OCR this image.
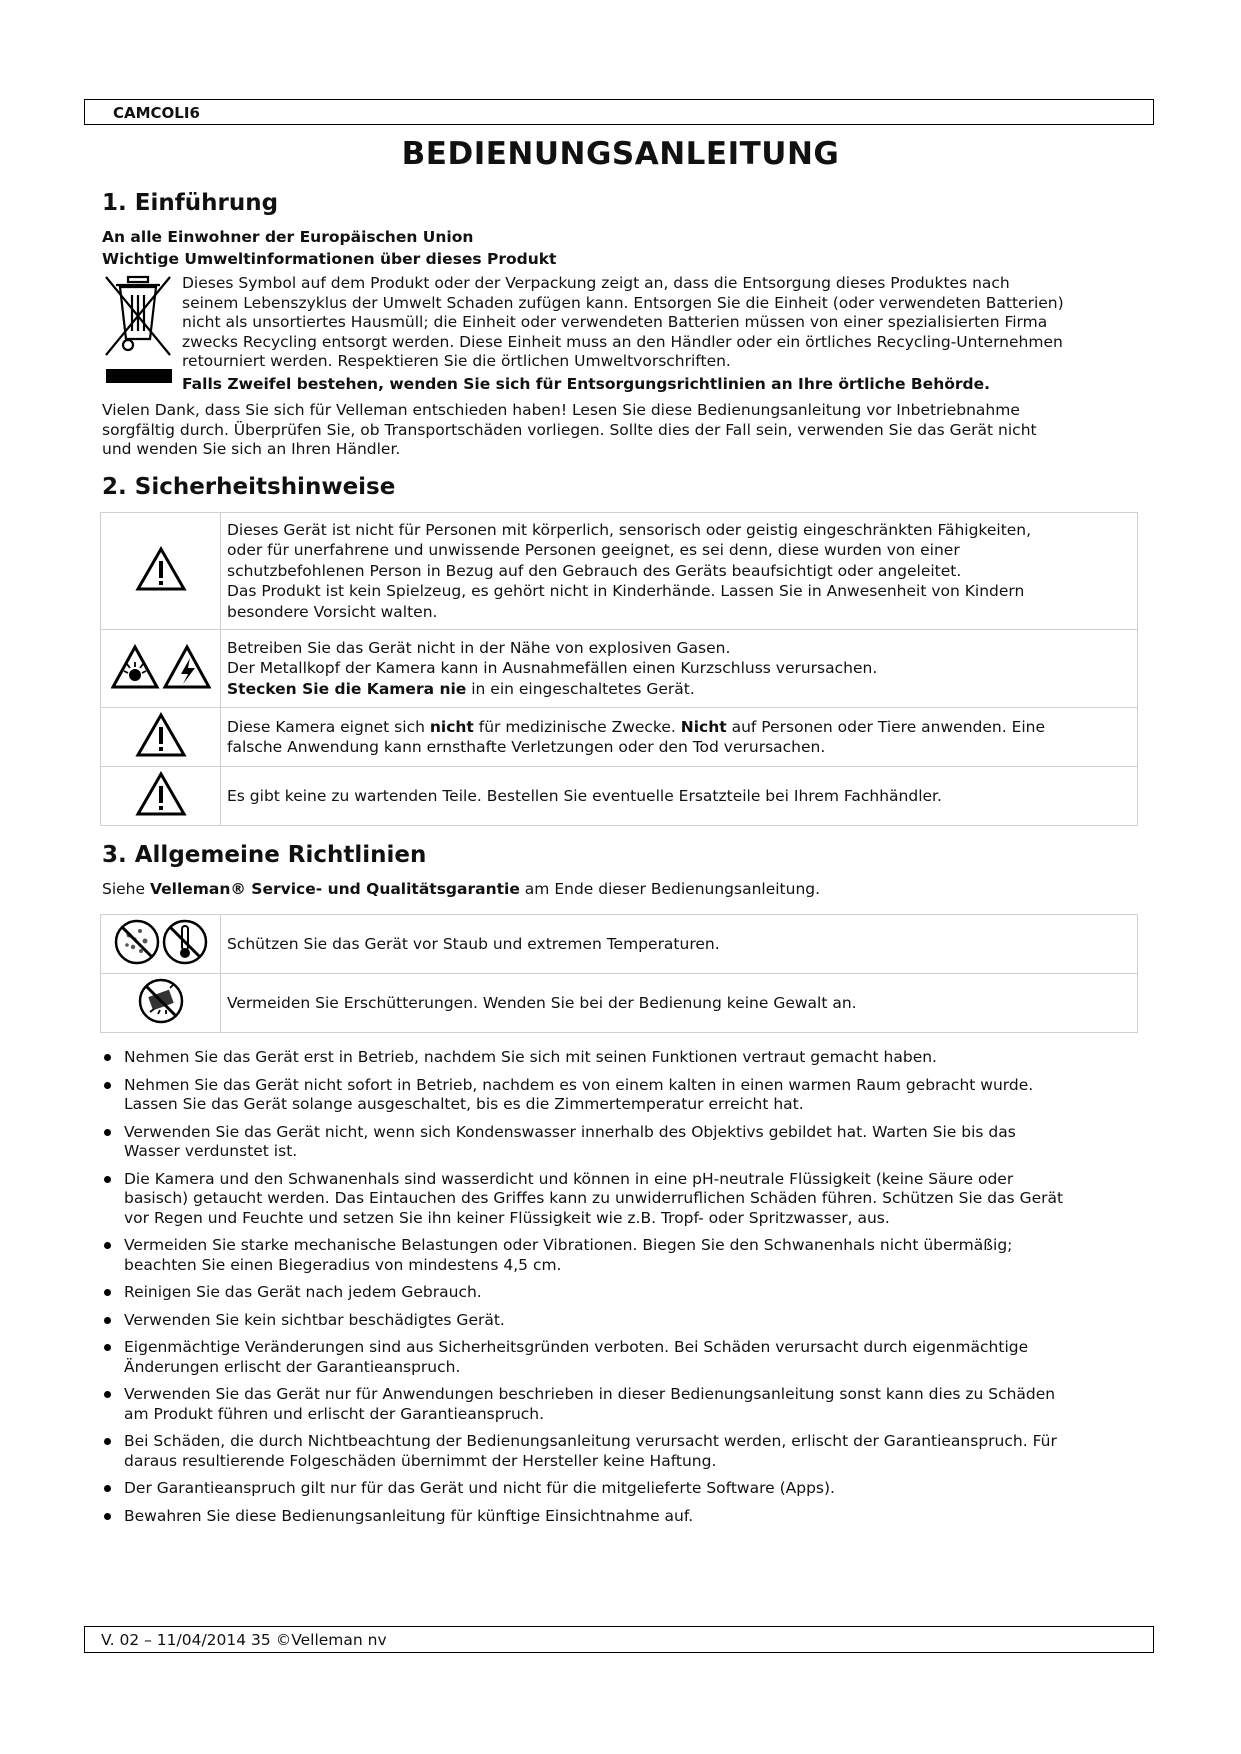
CAMCOLI6
BEDIENUNGSANLEITUNG
1. Einführung
An alle Einwohner der Europäischen Union
Wichtige Umweltinformationen über dieses Produkt
Dieses Symbol auf dem Produkt oder der Verpackung zeigt an, dass die Entsorgung dieses Produktes nach
seinem Lebenszyklus der Umwelt Schaden zufügen kann. Entsorgen Sie die Einheit (oder verwendeten Batterien)
nicht als unsortiertes Hausmüll; die Einheit oder verwendeten Batterien müssen von einer spezialisierten Firma
zwecks Recycling entsorgt werden. Diese Einheit muss an den Händler oder ein örtliches Recycling-Unternehmen
retourniert werden. Respektieren Sie die örtlichen Umweltvorschriften.
Falls Zweifel bestehen, wenden Sie sich für Entsorgungsrichtlinien an Ihre örtliche Behörde.
Vielen Dank, dass Sie sich für Velleman entschieden haben! Lesen Sie diese Bedienungsanleitung vor Inbetriebnahme
sorgfältig durch. Überprüfen Sie, ob Transportschäden vorliegen. Sollte dies der Fall sein, verwenden Sie das Gerät nicht
und wenden Sie sich an Ihren Händler.
2. Sicherheitshinweise

Dieses Gerät ist nicht für Personen mit körperlich, sensorisch oder geistig eingeschränkten Fähigkeiten,
oder für unerfahrene und unwissende Personen geeignet, es sei denn, diese wurden von einer
schutzbefohlenen Person in Bezug auf den Gebrauch des Geräts beaufsichtigt oder angeleitet.
Das Produkt ist kein Spielzeug, es gehört nicht in Kinderhände. Lassen Sie in Anwesenheit von Kindern
besondere Vorsicht walten.

Betreiben Sie das Gerät nicht in der Nähe von explosiven Gasen.
Der Metallkopf der Kamera kann in Ausnahmefällen einen Kurzschluss verursachen.
Stecken Sie die Kamera nie in ein eingeschaltetes Gerät.

Diese Kamera eignet sich nicht für medizinische Zwecke. Nicht auf Personen oder Tiere anwenden. Eine
falsche Anwendung kann ernsthafte Verletzungen oder den Tod verursachen.

	Es gibt keine zu wartenden Teile. Bestellen Sie eventuelle Ersatzteile bei Ihrem Fachhändler.
3. Allgemeine Richtlinien
Siehe Velleman® Service- und Qualitätsgarantie am Ende dieser Bedienungsanleitung.
	Schützen Sie das Gerät vor Staub und extremen Temperaturen.
	Vermeiden Sie Erschütterungen. Wenden Sie bei der Bedienung keine Gewalt an.
Nehmen Sie das Gerät erst in Betrieb, nachdem Sie sich mit seinen Funktionen vertraut gemacht haben.
Nehmen Sie das Gerät nicht sofort in Betrieb, nachdem es von einem kalten in einen warmen Raum gebracht wurde.
Lassen Sie das Gerät solange ausgeschaltet, bis es die Zimmertemperatur erreicht hat.
Verwenden Sie das Gerät nicht, wenn sich Kondenswasser innerhalb des Objektivs gebildet hat. Warten Sie bis das
Wasser verdunstet ist.
Die Kamera und den Schwanenhals sind wasserdicht und können in eine pH-neutrale Flüssigkeit (keine Säure oder
basisch) getaucht werden. Das Eintauchen des Griffes kann zu unwiderruflichen Schäden führen. Schützen Sie das Gerät
vor Regen und Feuchte und setzen Sie ihn keiner Flüssigkeit wie z.B. Tropf- oder Spritzwasser, aus.
Vermeiden Sie starke mechanische Belastungen oder Vibrationen. Biegen Sie den Schwanenhals nicht übermäßig;
beachten Sie einen Biegeradius von mindestens 4,5 cm.
Reinigen Sie das Gerät nach jedem Gebrauch.
Verwenden Sie kein sichtbar beschädigtes Gerät.
Eigenmächtige Veränderungen sind aus Sicherheitsgründen verboten. Bei Schäden verursacht durch eigenmächtige
Änderungen erlischt der Garantieanspruch.
Verwenden Sie das Gerät nur für Anwendungen beschrieben in dieser Bedienungsanleitung sonst kann dies zu Schäden
am Produkt führen und erlischt der Garantieanspruch.
Bei Schäden, die durch Nichtbeachtung der Bedienungsanleitung verursacht werden, erlischt der Garantieanspruch. Für
daraus resultierende Folgeschäden übernimmt der Hersteller keine Haftung.
Der Garantieanspruch gilt nur für das Gerät und nicht für die mitgelieferte Software (Apps).
Bewahren Sie diese Bedienungsanleitung für künftige Einsichtnahme auf.
V. 02 – 11/04/2014 35 ©Velleman nv
